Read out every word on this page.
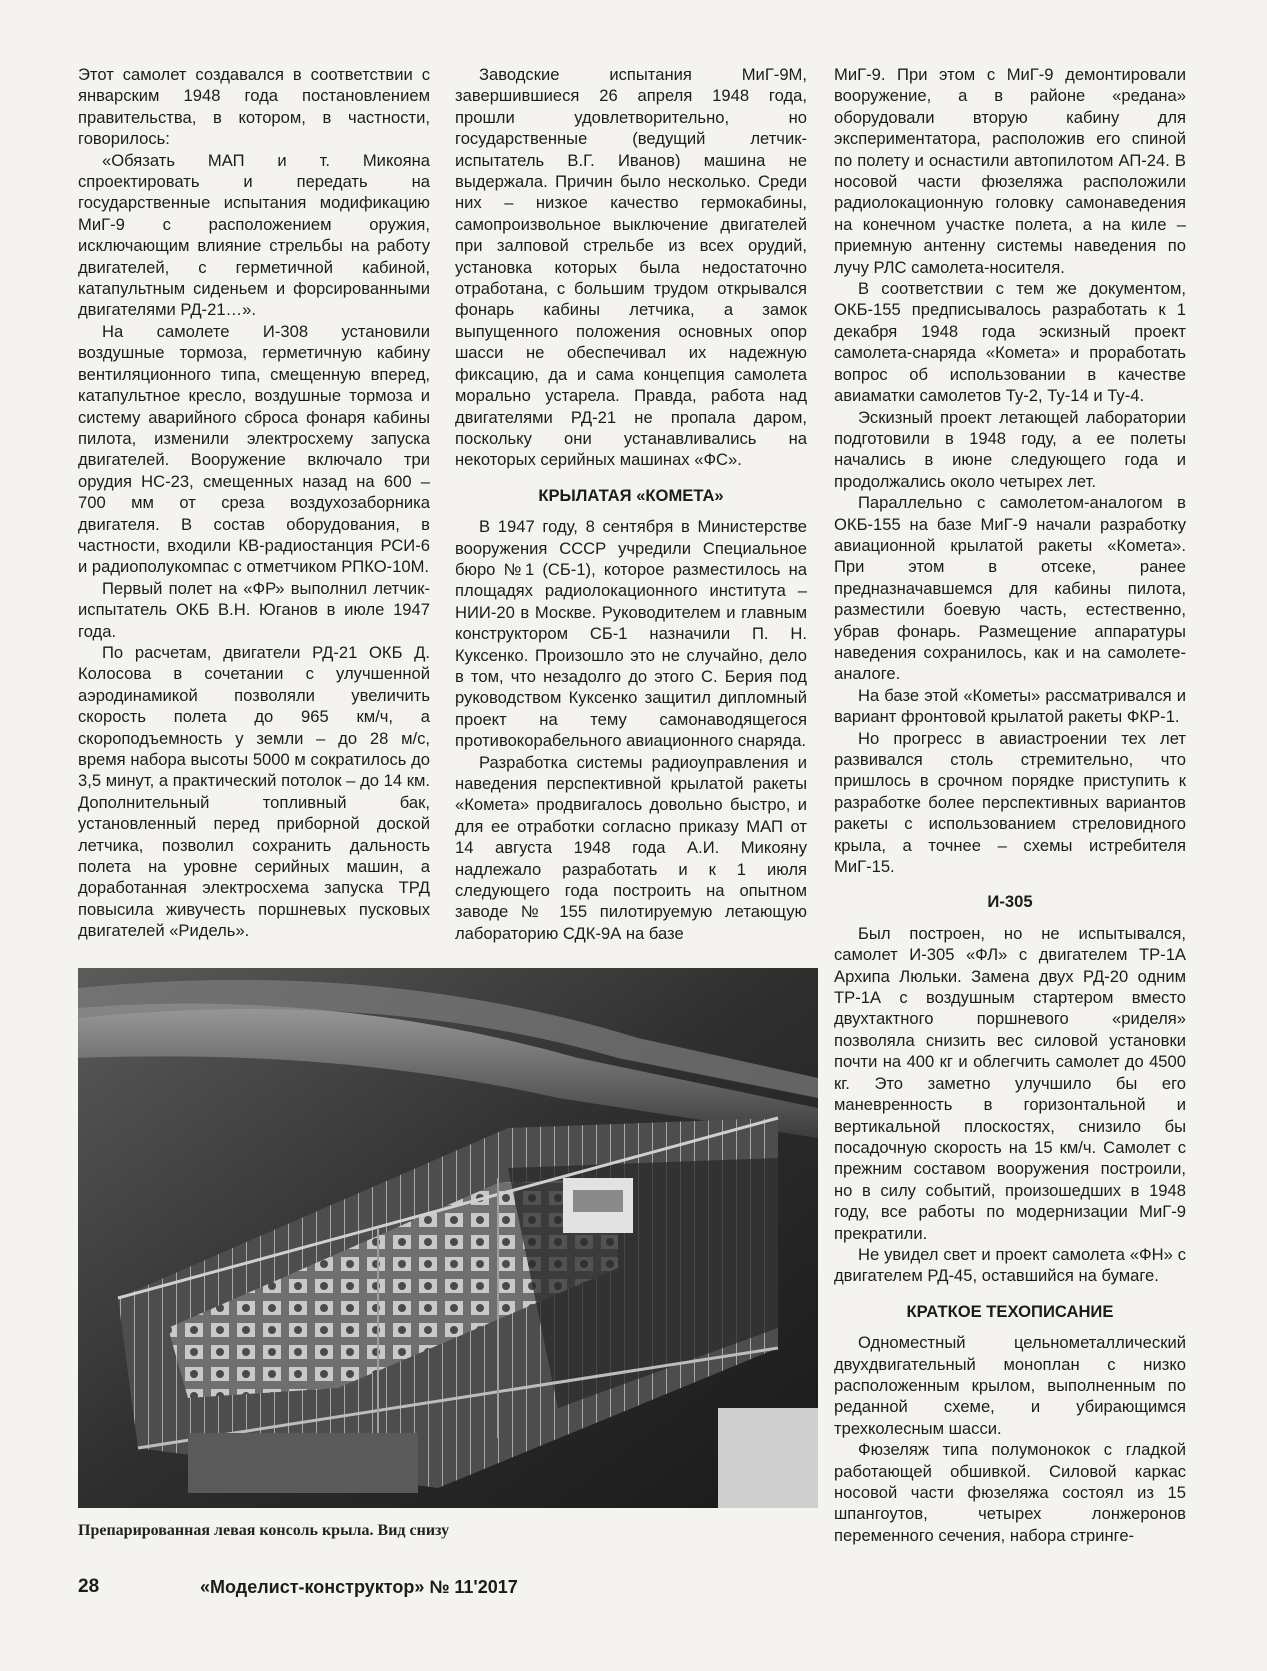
Этот самолет создавался в соответствии с январским 1948 года постановлением правительства, в котором, в частности, говорилось:

«Обязать МАП и т. Микояна спроектировать и передать на государственные испытания модификацию МиГ-9 с расположением оружия, исключающим влияние стрельбы на работу двигателей, с герметичной кабиной, катапультным сиденьем и форсированными двигателями РД-21…».

На самолете И-308 установили воздушные тормоза, герметичную кабину вентиляционного типа, смещенную вперед, катапультное кресло, воздушные тормоза и систему аварийного сброса фонаря кабины пилота, изменили электросхему запуска двигателей. Вооружение включало три орудия НС-23, смещенных назад на 600 – 700 мм от среза воздухозаборника двигателя. В состав оборудования, в частности, входили КВ-радиостанция РСИ-6 и радиополукомпас с отметчиком РПКО-10М.

Первый полет на «ФР» выполнил летчик-испытатель ОКБ В.Н. Юганов в июле 1947 года.

По расчетам, двигатели РД-21 ОКБ Д. Колосова в сочетании с улучшенной аэродинамикой позволяли увеличить скорость полета до 965 км/ч, а скороподъемность у земли – до 28 м/с, время набора высоты 5000 м сократилось до 3,5 минут, а практический потолок – до 14 км. Дополнительный топливный бак, установленный перед приборной доской летчика, позволил сохранить дальность полета на уровне серийных машин, а доработанная электросхема запуска ТРД повысила живучесть поршневых пусковых двигателей «Ридель».

Заводские испытания МиГ-9М, завершившиеся 26 апреля 1948 года, прошли удовлетворительно, но государственные (ведущий летчик-испытатель В.Г. Иванов) машина не выдержала. Причин было несколько. Среди них – низкое качество гермокабины, самопроизвольное выключение двигателей при залповой стрельбе из всех орудий, установка которых была недостаточно отработана, с большим трудом открывался фонарь кабины летчика, а замок выпущенного положения основных опор шасси не обеспечивал их надежную фиксацию, да и сама концепция самолета морально устарела. Правда, работа над двигателями РД-21 не пропала даром, поскольку они устанавливались на некоторых серийных машинах «ФС».

КРЫЛАТАЯ «КОМЕТА»

В 1947 году, 8 сентября в Министерстве вооружения СССР учредили Специальное бюро №1 (СБ-1), которое разместилось на площадях радиолокационного института – НИИ-20 в Москве. Руководителем и главным конструктором СБ-1 назначили П. Н. Куксенко. Произошло это не случайно, дело в том, что незадолго до этого С. Берия под руководством Куксенко защитил дипломный проект на тему самонаводящегося противокорабельного авиационного снаряда.

Разработка системы радиоуправления и наведения перспективной крылатой ракеты «Комета» продвигалось довольно быстро, и для ее отработки согласно приказу МАП от 14 августа 1948 года А.И. Микояну надлежало разработать и к 1 июля следующего года построить на опытном заводе № 155 пилотируемую летающую лабораторию СДК-9А на базе

МиГ-9. При этом с МиГ-9 демонтировали вооружение, а в районе «редана» оборудовали вторую кабину для экспериментатора, расположив его спиной по полету и оснастили автопилотом АП-24. В носовой части фюзеляжа расположили радиолокационную головку самонаведения на конечном участке полета, а на киле – приемную антенну системы наведения по лучу РЛС самолета-носителя.

В соответствии с тем же документом, ОКБ-155 предписывалось разработать к 1 декабря 1948 года эскизный проект самолета-снаряда «Комета» и проработать вопрос об использовании в качестве авиаматки самолетов Ту-2, Ту-14 и Ту-4.

Эскизный проект летающей лаборатории подготовили в 1948 году, а ее полеты начались в июне следующего года и продолжались около четырех лет.

Параллельно с самолетом-аналогом в ОКБ-155 на базе МиГ-9 начали разработку авиационной крылатой ракеты «Комета». При этом в отсеке, ранее предназначавшемся для кабины пилота, разместили боевую часть, естественно, убрав фонарь. Размещение аппаратуры наведения сохранилось, как и на самолете-аналоге.

На базе этой «Кометы» рассматривался и вариант фронтовой крылатой ракеты ФКР-1.

Но прогресс в авиастроении тех лет развивался столь стремительно, что пришлось в срочном порядке приступить к разработке более перспективных вариантов ракеты с использованием стреловидного крыла, а точнее – схемы истребителя МиГ-15.

И-305

Был построен, но не испытывался, самолет И-305 «ФЛ» с двигателем ТР-1А Архипа Люльки. Замена двух РД-20 одним ТР-1А с воздушным стартером вместо двухтактного поршневого «риделя» позволяла снизить вес силовой установки почти на 400 кг и облегчить самолет до 4500 кг. Это заметно улучшило бы его маневренность в горизонтальной и вертикальной плоскостях, снизило бы посадочную скорость на 15 км/ч. Самолет с прежним составом вооружения построили, но в силу событий, произошедших в 1948 году, все работы по модернизации МиГ-9 прекратили.

Не увидел свет и проект самолета «ФН» с двигателем РД-45, оставшийся на бумаге.

КРАТКОЕ ТЕХОПИСАНИЕ

Одноместный цельнометаллический двухдвигательный моноплан с низко расположенным крылом, выполненным по реданной схеме, и убирающимся трехколесным шасси.

Фюзеляж типа полумонокок с гладкой работающей обшивкой. Силовой каркас носовой части фюзеляжа состоял из 15 шпангоутов, четырех лонжеронов переменного сечения, набора стринге-

Препарированная левая консоль крыла. Вид снизу
28	«Моделист-конструктор» № 11'2017
